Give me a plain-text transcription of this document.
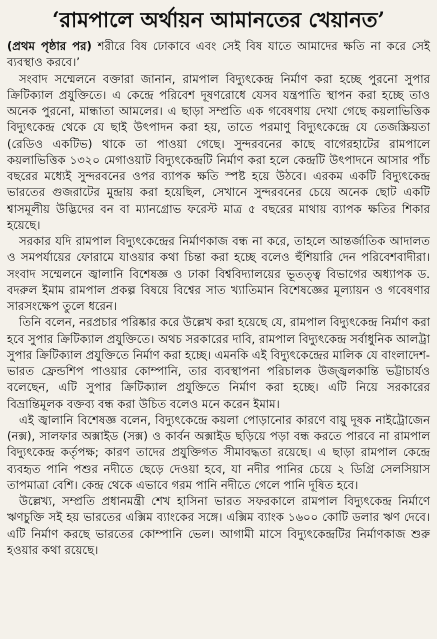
‘রামপালে অর্থায়ন আমানতের খেয়ানত’

(প্রথম পৃষ্ঠার পর) শরীরে বিষ ঢোকাবে এবং সেই বিষ যাতে আমাদের ক্ষতি না করে সেই ব্যবস্থাও করবে।’

সংবাদ সম্মেলনে বক্তারা জানান, রামপাল বিদ্যুৎকেন্দ্র নির্মাণ করা হচ্ছে পুরনো সুপার ক্রিটিক্যাল প্রযুক্তিতে। এ কেন্দ্রে পরিবেশ দূষণরোধে যেসব যন্ত্রপাতি স্থাপন করা হচ্ছে তাও অনেক পুরনো, মান্ধাতা আমলের। এ ছাড়া সম্প্রতি এক গবেষণায় দেখা গেছে কয়লাভিত্তিক বিদ্যুৎকেন্দ্র থেকে যে ছাই উৎপাদন করা হয়, তাতে পরমাণু বিদ্যুৎকেন্দ্রে যে তেজস্ক্রিয়তা (রেডিও একটিভ) থাকে তা পাওয়া গেছে। সুন্দরবনের কাছে বাগেরহাটের রামপালে কয়লাভিত্তিক ১৩২০ মেগাওয়াট বিদ্যুৎকেন্দ্রটি নির্মাণ করা হলে কেন্দ্রটি উৎপাদনে আসার পাঁচ বছরের মধ্যেই সুন্দরবনের ওপর ব্যাপক ক্ষতি স্পষ্ট হয়ে উঠবে। এরকম একটি বিদ্যুৎকেন্দ্র ভারতের গুজরাটের মুন্দ্রায় করা হয়েছিল, সেখানে সুন্দরবনের চেয়ে অনেক ছোট একটি শ্বাসমূলীয় উদ্ভিদের বন বা ম্যানগ্রোভ ফরেস্ট মাত্র ৫ বছরের মাথায় ব্যাপক ক্ষতির শিকার হয়েছে।

সরকার যদি রামপাল বিদ্যুৎকেন্দ্রের নির্মাণকাজ বন্ধ না করে, তাহলে আন্তর্জাতিক আদালত ও সমপর্যায়ের ফোরামে যাওয়ার কথা চিন্তা করা হচ্ছে বলেও হুঁশিয়ারি দেন পরিবেশবাদীরা। সংবাদ সম্মেলনে জ্বালানি বিশেষজ্ঞ ও ঢাকা বিশ্ববিদ্যালয়ের ভূতত্ত্ব বিভাগের অধ্যাপক ড. বদরুল ইমাম রামপাল প্রকল্প বিষয়ে বিশ্বের সাত খ্যাতিমান বিশেষজ্ঞের মূল্যায়ন ও গবেষণার সারসংক্ষেপ তুলে ধরেন।

তিনি বলেন, নরপ্রচার পরিষ্কার করে উল্লেখ করা হয়েছে যে, রামপাল বিদ্যুৎকেন্দ্র নির্মাণ করা হবে সুপার ক্রিটিক্যাল প্রযুক্তিতে। অথচ সরকারের দাবি, রামপাল বিদ্যুৎকেন্দ্র সর্বাধুনিক আলট্রা সুপার ক্রিটিক্যাল প্রযুক্তিতে নির্মাণ করা হচ্ছে। এমনকি এই বিদ্যুৎকেন্দ্রের মালিক যে বাংলাদেশ-ভারত ফ্রেন্ডশিপ পাওয়ার কোম্পানি, তার ব্যবস্থাপনা পরিচালক উজ্জ্বলকান্তি ভট্টাচার্যও বলেছেন, এটি সুপার ক্রিটিক্যাল প্রযুক্তিতে নির্মাণ করা হচ্ছে। এটি নিয়ে সরকারের বিভ্রান্তিমূলক বক্তব্য বন্ধ করা উচিত বলেও মনে করেন ইমাম।

এই জ্বালানি বিশেষজ্ঞ বলেন, বিদ্যুৎকেন্দ্রে কয়লা পোড়ানোর কারণে বায়ু দূষক নাইট্রোজেন (নক্স), সালফার অক্সাইড (সক্স) ও কার্বন অক্সাইড ছড়িয়ে পড়া বন্ধ করতে পারবে না রামপাল বিদ্যুৎকেন্দ্র কর্তৃপক্ষ; কারণ তাদের প্রযুক্তিগত সীমাবদ্ধতা রয়েছে। এ ছাড়া রামপাল কেন্দ্রে ব্যবহৃত পানি পশুর নদীতে ছেড়ে দেওয়া হবে, যা নদীর পানির চেয়ে ২ ডিগ্রি সেলসিয়াস তাপমাত্রা বেশি। কেন্দ্র থেকে এভাবে গরম পানি নদীতে গেলে পানি দূষিত হবে।

উল্লেখ্য, সম্প্রতি প্রধানমন্ত্রী শেখ হাসিনা ভারত সফরকালে রামপাল বিদ্যুৎকেন্দ্র নির্মাণে ঋণচুক্তি সই হয় ভারতের এক্সিম ব্যাংকের সঙ্গে। এক্সিম ব্যাংক ১৬০০ কোটি ডলার ঋণ দেবে। এটি নির্মাণ করছে ভারতের কোম্পানি ভেল। আগামী মাসে বিদ্যুৎকেন্দ্রটির নির্মাণকাজ শুরু হওয়ার কথা রয়েছে।
